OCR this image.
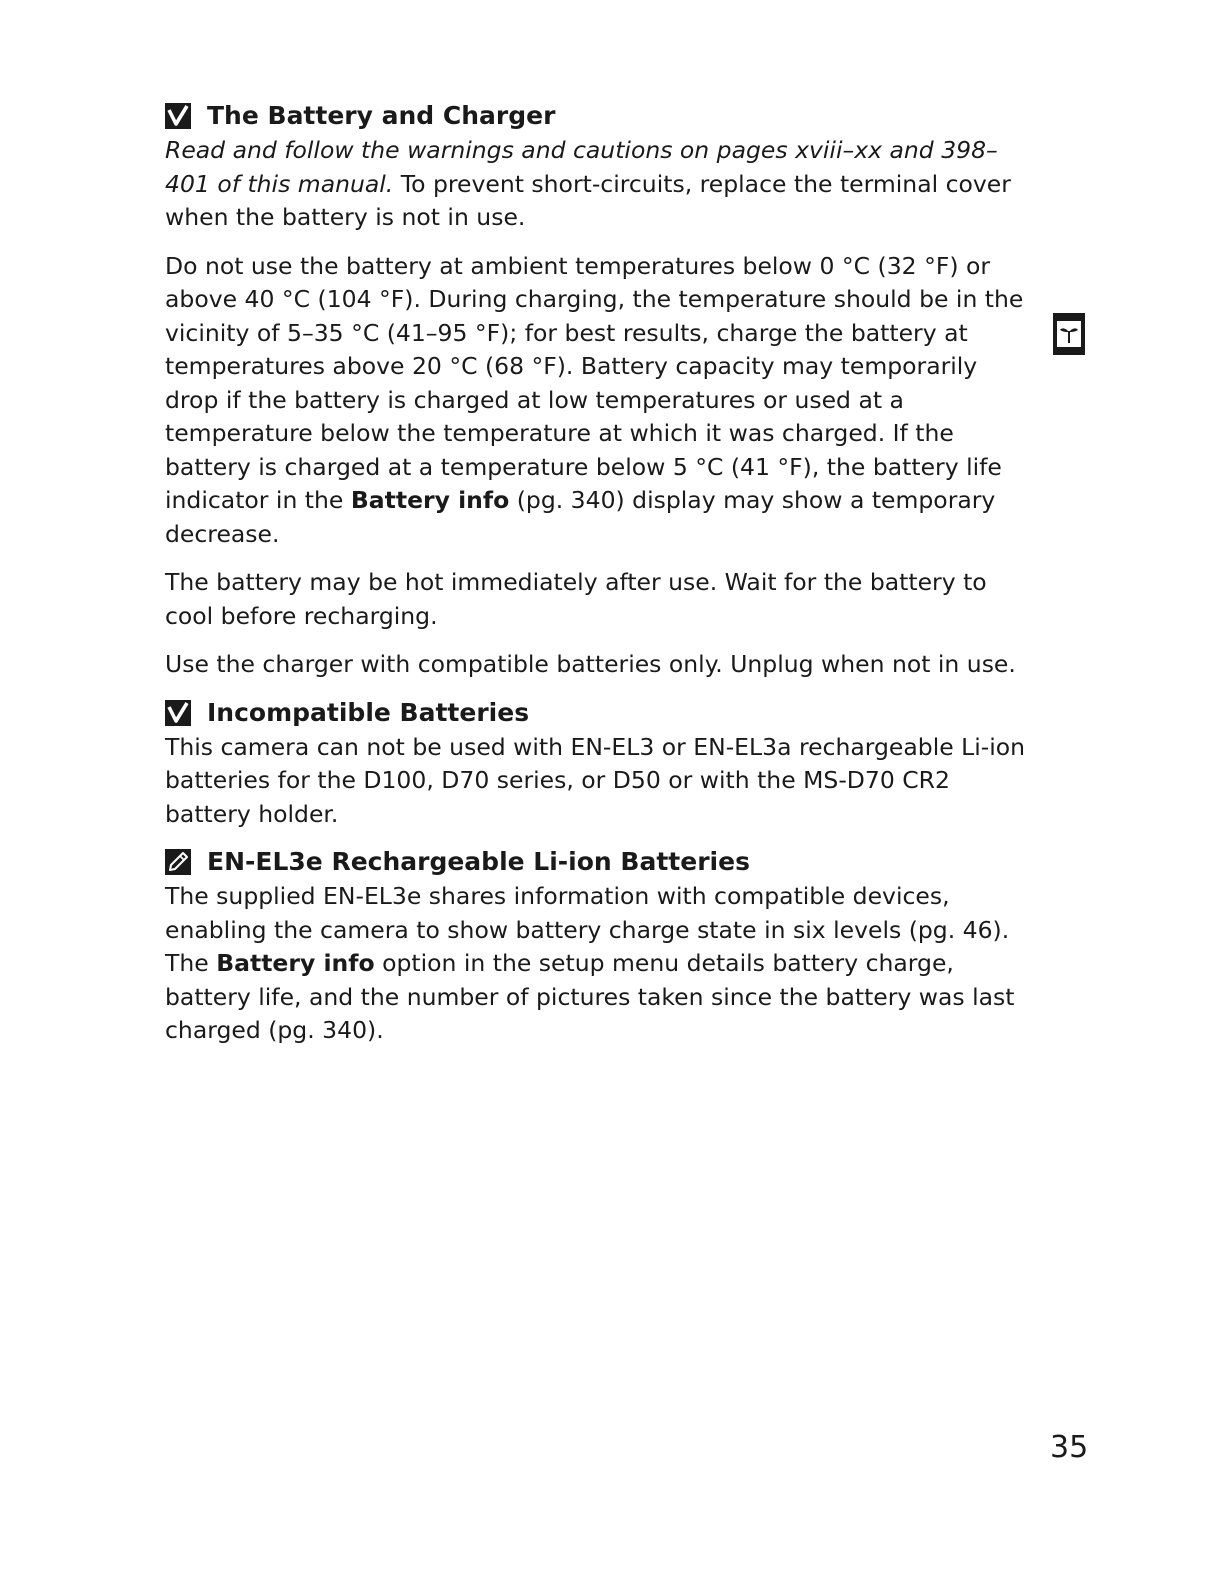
The Battery and Charger

Read and follow the warnings and cautions on pages xviii–xx and 398–401 of this manual. To prevent short-circuits, replace the terminal cover when the battery is not in use.

Do not use the battery at ambient temperatures below 0 °C (32 °F) or above 40 °C (104 °F). During charging, the temperature should be in the vicinity of 5–35 °C (41–95 °F); for best results, charge the battery at temperatures above 20 °C (68 °F). Battery capacity may temporarily drop if the battery is charged at low temperatures or used at a temperature below the temperature at which it was charged. If the battery is charged at a temperature below 5 °C (41 °F), the battery life indicator in the Battery info (pg. 340) display may show a temporary decrease.

The battery may be hot immediately after use. Wait for the battery to cool before recharging.

Use the charger with compatible batteries only. Unplug when not in use.

Incompatible Batteries

This camera can not be used with EN-EL3 or EN-EL3a rechargeable Li-ion batteries for the D100, D70 series, or D50 or with the MS-D70 CR2 battery holder.

EN-EL3e Rechargeable Li-ion Batteries

The supplied EN-EL3e shares information with compatible devices, enabling the camera to show battery charge state in six levels (pg. 46). The Battery info option in the setup menu details battery charge, battery life, and the number of pictures taken since the battery was last charged (pg. 340).

35
